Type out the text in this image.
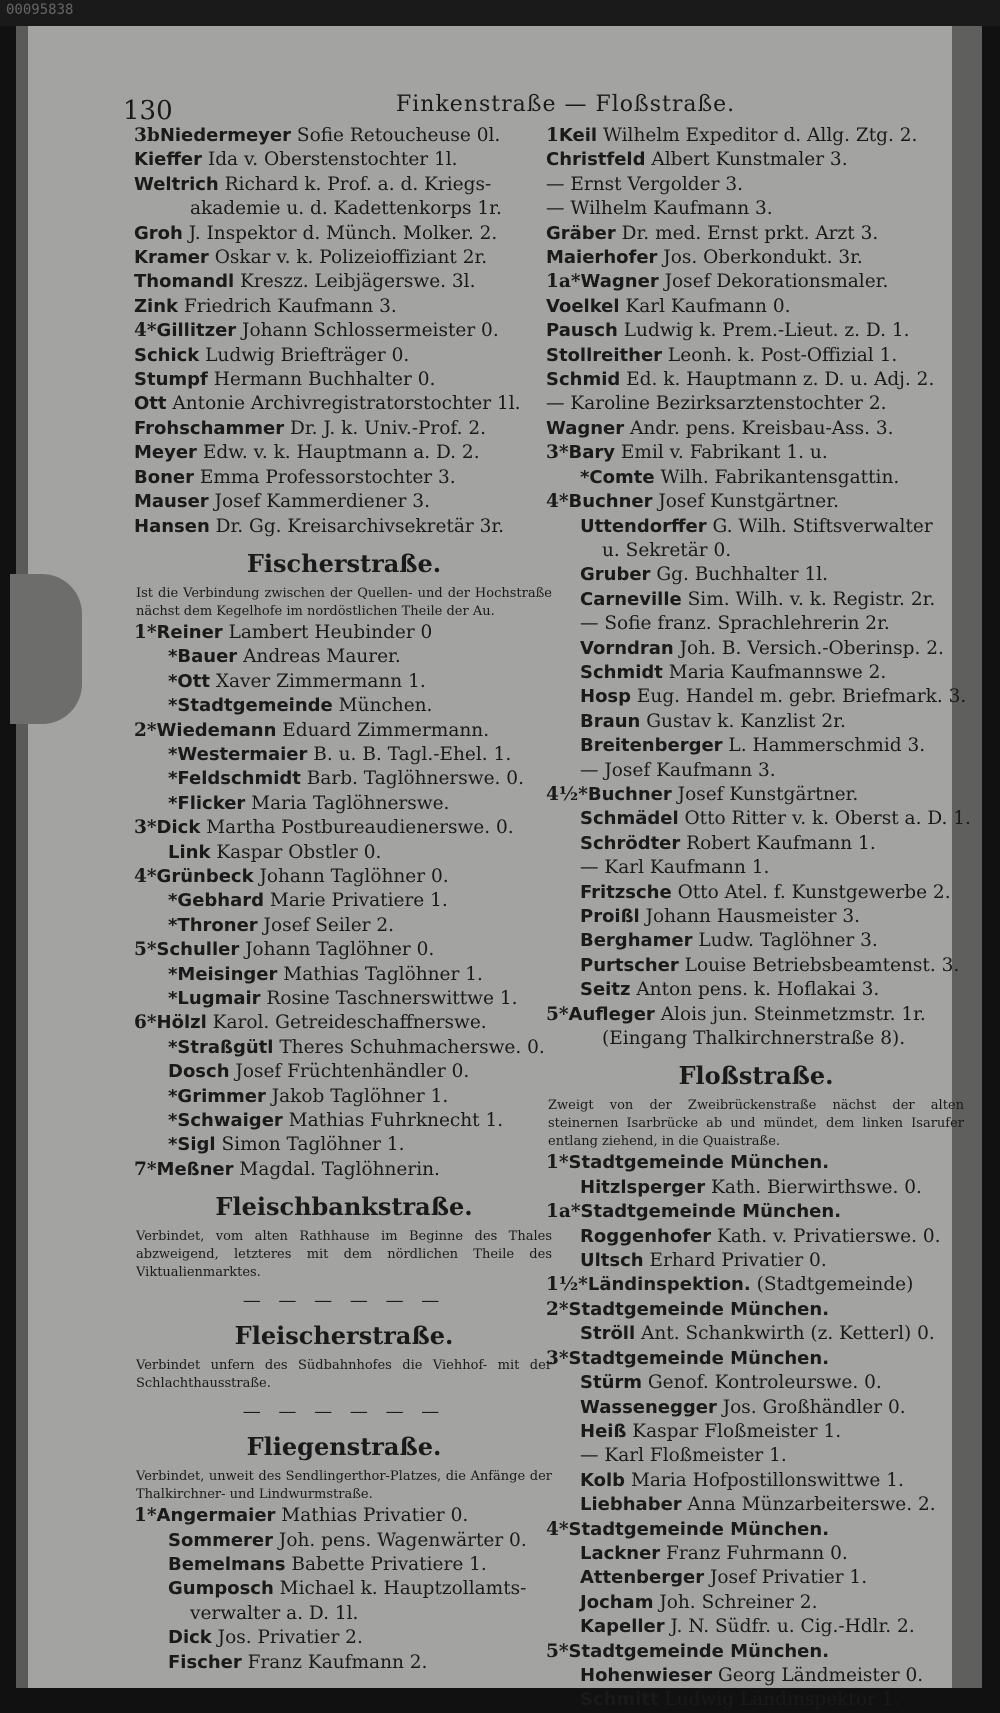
00095838
130	Finkenstraße — Floßstraße.
3bNiedermeyer Sofie Retoucheuse 0l.
Kieffer Ida v. Oberstenstochter 1l.
Weltrich Richard k. Prof. a. d. Kriegs-
akademie u. d. Kadettenkorps 1r.
Groh J. Inspektor d. Münch. Molker. 2.
Kramer Oskar v. k. Polizeioffiziant 2r.
Thomandl Kreszz. Leibjägerswe. 3l.
Zink Friedrich Kaufmann 3.
4*Gillitzer Johann Schlossermeister 0.
Schick Ludwig Briefträger 0.
Stumpf Hermann Buchhalter 0.
Ott Antonie Archivregistratorstochter 1l.
Frohschammer Dr. J. k. Univ.-Prof. 2.
Meyer Edw. v. k. Hauptmann a. D. 2.
Boner Emma Professorstochter 3.
Mauser Josef Kammerdiener 3.
Hansen Dr. Gg. Kreisarchivsekretär 3r.
Fischerstraße.
Ist die Verbindung zwischen der Quellen- und der Hochstraße nächst dem Kegelhofe im nordöstlichen Theile der Au.
1*Reiner Lambert Heubinder 0
*Bauer Andreas Maurer.
*Ott Xaver Zimmermann 1.
*Stadtgemeinde München.
2*Wiedemann Eduard Zimmermann.
*Westermaier B. u. B. Tagl.-Ehel. 1.
*Feldschmidt Barb. Taglöhnerswe. 0.
*Flicker Maria Taglöhnerswe.
3*Dick Martha Postbureaudienerswe. 0.
Link Kaspar Obstler 0.
4*Grünbeck Johann Taglöhner 0.
*Gebhard Marie Privatiere 1.
*Throner Josef Seiler 2.
5*Schuller Johann Taglöhner 0.
*Meisinger Mathias Taglöhner 1.
*Lugmair Rosine Taschnerswittwe 1.
6*Hölzl Karol. Getreideschaffnerswe.
*Straßgütl Theres Schuhmacherswe. 0.
Dosch Josef Früchtenhändler 0.
*Grimmer Jakob Taglöhner 1.
*Schwaiger Mathias Fuhrknecht 1.
*Sigl Simon Taglöhner 1.
7*Meßner Magdal. Taglöhnerin.
Fleischbankstraße.
Verbindet, vom alten Rathhause im Beginne des Thales abzweigend, letzteres mit dem nördlichen Theile des Viktualienmarktes.
— — — — — —
Fleischerstraße.
Verbindet unfern des Südbahnhofes die Viehhof- mit der Schlachthausstraße.
— — — — — —
Fliegenstraße.
Verbindet, unweit des Sendlingerthor-Platzes, die Anfänge der Thalkirchner- und Lindwurmstraße.
1*Angermaier Mathias Privatier 0.
Sommerer Joh. pens. Wagenwärter 0.
Bemelmans Babette Privatiere 1.
Gumposch Michael k. Hauptzollamts-
verwalter a. D. 1l.
Dick Jos. Privatier 2.
Fischer Franz Kaufmann 2.
1Keil Wilhelm Expeditor d. Allg. Ztg. 2.
Christfeld Albert Kunstmaler 3.
— Ernst Vergolder 3.
— Wilhelm Kaufmann 3.
Gräber Dr. med. Ernst prkt. Arzt 3.
Maierhofer Jos. Oberkondukt. 3r.
1a*Wagner Josef Dekorationsmaler.
Voelkel Karl Kaufmann 0.
Pausch Ludwig k. Prem.-Lieut. z. D. 1.
Stollreither Leonh. k. Post-Offizial 1.
Schmid Ed. k. Hauptmann z. D. u. Adj. 2.
— Karoline Bezirksarztenstochter 2.
Wagner Andr. pens. Kreisbau-Ass. 3.
3*Bary Emil v. Fabrikant 1. u.
*Comte Wilh. Fabrikantensgattin.
4*Buchner Josef Kunstgärtner.
Uttendorffer G. Wilh. Stiftsverwalter
u. Sekretär 0.
Gruber Gg. Buchhalter 1l.
Carneville Sim. Wilh. v. k. Registr. 2r.
— Sofie franz. Sprachlehrerin 2r.
Vorndran Joh. B. Versich.-Oberinsp. 2.
Schmidt Maria Kaufmannswe 2.
Hosp Eug. Handel m. gebr. Briefmark. 3.
Braun Gustav k. Kanzlist 2r.
Breitenberger L. Hammerschmid 3.
— Josef Kaufmann 3.
4½*Buchner Josef Kunstgärtner.
Schmädel Otto Ritter v. k. Oberst a. D. 1.
Schrödter Robert Kaufmann 1.
— Karl Kaufmann 1.
Fritzsche Otto Atel. f. Kunstgewerbe 2.
Proißl Johann Hausmeister 3.
Berghamer Ludw. Taglöhner 3.
Purtscher Louise Betriebsbeamtenst. 3.
Seitz Anton pens. k. Hoflakai 3.
5*Aufleger Alois jun. Steinmetzmstr. 1r.
(Eingang Thalkirchnerstraße 8).
Floßstraße.
Zweigt von der Zweibrückenstraße nächst der alten steinernen Isarbrücke ab und mündet, dem linken Isarufer entlang ziehend, in die Quaistraße.
1*Stadtgemeinde München.
Hitzlsperger Kath. Bierwirthswe. 0.
1a*Stadtgemeinde München.
Roggenhofer Kath. v. Privatierswe. 0.
Ultsch Erhard Privatier 0.
1½*Ländinspektion. (Stadtgemeinde)
2*Stadtgemeinde München.
Ströll Ant. Schankwirth (z. Ketterl) 0.
3*Stadtgemeinde München.
Stürm Genof. Kontroleurswe. 0.
Wassenegger Jos. Großhändler 0.
Heiß Kaspar Floßmeister 1.
— Karl Floßmeister 1.
Kolb Maria Hofpostillonswittwe 1.
Liebhaber Anna Münzarbeiterswe. 2.
4*Stadtgemeinde München.
Lackner Franz Fuhrmann 0.
Attenberger Josef Privatier 1.
Jocham Joh. Schreiner 2.
Kapeller J. N. Südfr. u. Cig.-Hdlr. 2.
5*Stadtgemeinde München.
Hohenwieser Georg Ländmeister 0.
Schmitt Ludwig Ländinspektor 1.
